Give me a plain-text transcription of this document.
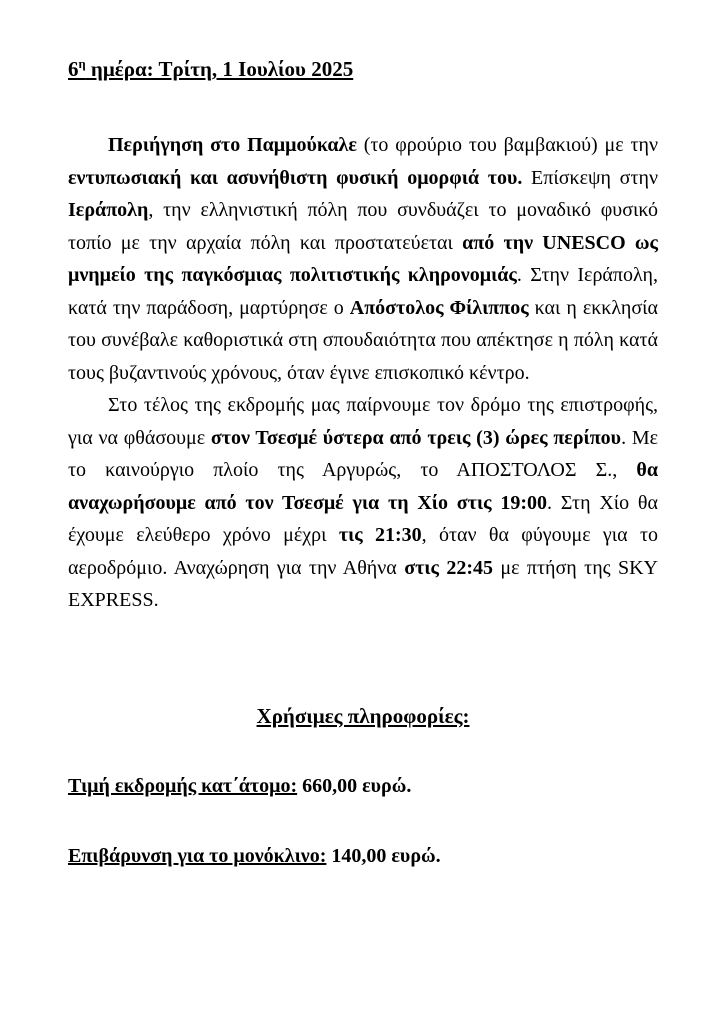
$6^\eta$ ημέρα: Τρίτη, 1 Ιουλίου 2025

Περιήγηση στο Παμμούκαλε (το φρούριο του βαμβακιού) με την εντυπωσιακή και ασυνήθιστη φυσική ομορφιά του. Επίσκεψη στην Ιεράπολη, την ελληνιστική πόλη που συνδυάζει το μοναδικό φυσικό τοπίο με την αρχαία πόλη και προστατεύεται από την UNESCO ως μνημείο της παγκόσμιας πολιτιστικής κληρονομιάς. Στην Ιεράπολη, κατά την παράδοση, μαρτύρησε ο Απόστολος Φίλιππος και η εκκλησία του συνέβαλε καθοριστικά στη σπουδαιότητα που απέκτησε η πόλη κατά τους βυζαντινούς χρόνους, όταν έγινε επισκοπικό κέντρο.

Στο τέλος της εκδρομής μας παίρνουμε τον δρόμο της επιστροφής, για να φθάσουμε στον Τσεσμέ ύστερα από τρεις (3) ώρες περίπου. Με το καινούργιο πλοίο της Αργυρώς, το ΑΠΟΣΤΟΛΟΣ Σ., θα αναχωρήσουμε από τον Τσεσμέ για τη Χίο στις 19:00. Στη Χίο θα έχουμε ελεύθερο χρόνο μέχρι τις 21:30, όταν θα φύγουμε για το αεροδρόμιο. Αναχώρηση για την Αθήνα στις 22:45 με πτήση της SKY EXPRESS.

Χρήσιμες πληροφορίες:

Τιμή εκδρομής κατ΄άτομο: 660,00 ευρώ.

Επιβάρυνση για το μονόκλινο: 140,00 ευρώ.
